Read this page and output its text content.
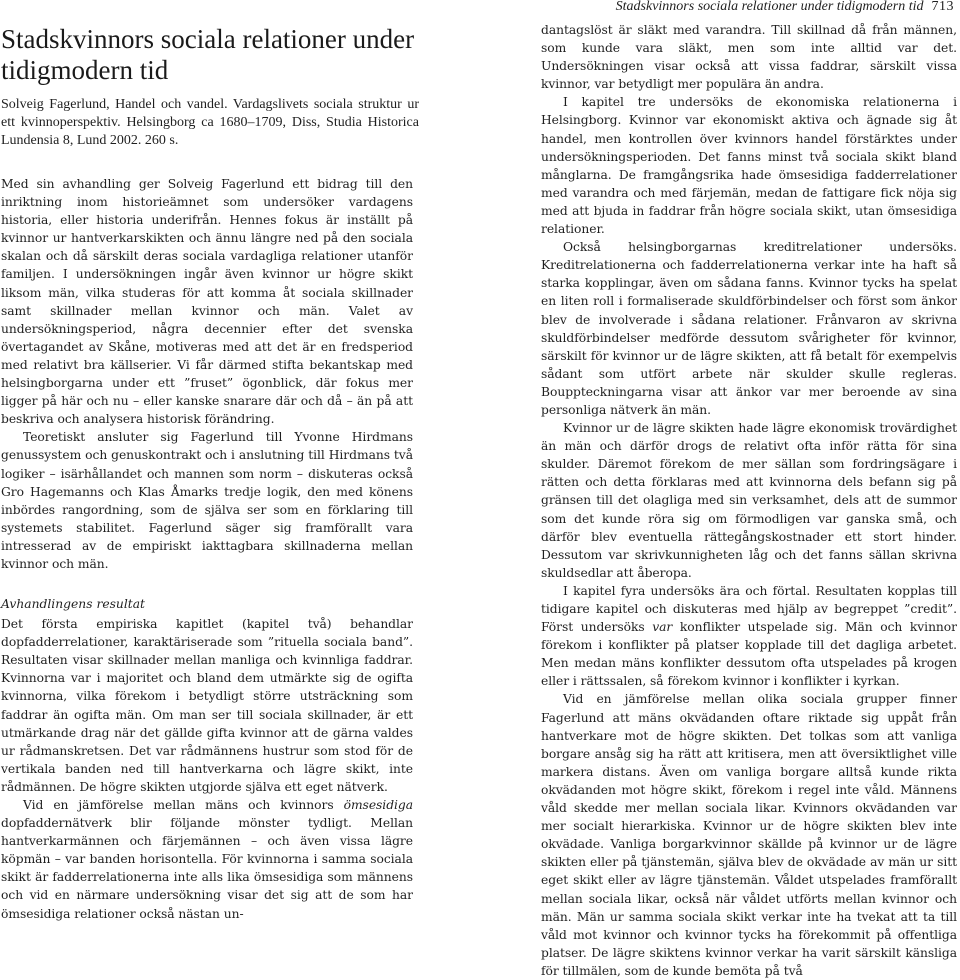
Stadskvinnors sociala relationer under tidigmodern tid 713
Stadskvinnors sociala relationer under tidigmodern tid

Solveig Fagerlund, Handel och vandel. Vardagslivets sociala struktur ur ett kvinnoperspektiv. Helsingborg ca 1680–1709, Diss, Studia Historica Lundensia 8, Lund 2002. 260 s.

Med sin avhandling ger Solveig Fagerlund ett bidrag till den inriktning inom historieämnet som undersöker vardagens historia, eller historia underifrån. Hennes fokus är inställt på kvinnor ur hantverkarskikten och ännu längre ned på den sociala skalan och då särskilt deras sociala vardagliga relationer utanför familjen. I undersökningen ingår även kvinnor ur högre skikt liksom män, vilka studeras för att komma åt sociala skillnader samt skillnader mellan kvinnor och män. Valet av undersökningsperiod, några decennier efter det svenska övertagandet av Skåne, motiveras med att det är en fredsperiod med relativt bra källserier. Vi får därmed stifta bekantskap med helsingborgarna under ett ”fruset” ögonblick, där fokus mer ligger på här och nu – eller kanske snarare där och då – än på att beskriva och analysera historisk förändring.

Teoretiskt ansluter sig Fagerlund till Yvonne Hirdmans genussystem och genuskontrakt och i anslutning till Hirdmans två logiker – isärhållandet och mannen som norm – diskuteras också Gro Hagemanns och Klas Åmarks tredje logik, den med könens inbördes rangordning, som de själva ser som en förklaring till systemets stabilitet. Fagerlund säger sig framförallt vara intresserad av de empiriskt iakttagbara skillnaderna mellan kvinnor och män.

Avhandlingens resultat

Det första empiriska kapitlet (kapitel två) behandlar dopfadderrelationer, karaktäriserade som ”rituella sociala band”. Resultaten visar skillnader mellan manliga och kvinnliga faddrar. Kvinnorna var i majoritet och bland dem utmärkte sig de ogifta kvinnorna, vilka förekom i betydligt större utsträckning som faddrar än ogifta män. Om man ser till sociala skillnader, är ett utmärkande drag när det gällde gifta kvinnor att de gärna valdes ur rådmanskretsen. Det var rådmännens hustrur som stod för de vertikala banden ned till hantverkarna och lägre skikt, inte rådmännen. De högre skikten utgjorde själva ett eget nätverk.

Vid en jämförelse mellan mäns och kvinnors ömsesidiga dopfaddernätverk blir följande mönster tydligt. Mellan hantverkarmännen och färjemännen – och även vissa lägre köpmän – var banden horisontella. För kvinnorna i samma sociala skikt är fadderrelationerna inte alls lika ömsesidiga som männens och vid en närmare undersökning visar det sig att de som har ömsesidiga relationer också nästan un-

dantagslöst är släkt med varandra. Till skillnad då från männen, som kunde vara släkt, men som inte alltid var det. Undersökningen visar också att vissa faddrar, särskilt vissa kvinnor, var betydligt mer populära än andra.

I kapitel tre undersöks de ekonomiska relationerna i Helsingborg. Kvinnor var ekonomiskt aktiva och ägnade sig åt handel, men kontrollen över kvinnors handel förstärktes under undersökningsperioden. Det fanns minst två sociala skikt bland månglarna. De framgångsrika hade ömsesidiga fadderrelationer med varandra och med färjemän, medan de fattigare fick nöja sig med att bjuda in faddrar från högre sociala skikt, utan ömsesidiga relationer.

Också helsingborgarnas kreditrelationer undersöks. Kreditrelationerna och fadderrelationerna verkar inte ha haft så starka kopplingar, även om sådana fanns. Kvinnor tycks ha spelat en liten roll i formaliserade skuldförbindelser och först som änkor blev de involverade i sådana relationer. Frånvaron av skrivna skuldförbindelser medförde dessutom svårigheter för kvinnor, särskilt för kvinnor ur de lägre skikten, att få betalt för exempelvis sådant som utfört arbete när skulder skulle regleras. Bouppteckningarna visar att änkor var mer beroende av sina personliga nätverk än män.

Kvinnor ur de lägre skikten hade lägre ekonomisk trovärdighet än män och därför drogs de relativt ofta inför rätta för sina skulder. Däremot förekom de mer sällan som fordringsägare i rätten och detta förklaras med att kvinnorna dels befann sig på gränsen till det olagliga med sin verksamhet, dels att de summor som det kunde röra sig om förmodligen var ganska små, och därför blev eventuella rättegångskostnader ett stort hinder. Dessutom var skrivkunnigheten låg och det fanns sällan skrivna skuldsedlar att åberopa.

I kapitel fyra undersöks ära och förtal. Resultaten kopplas till tidigare kapitel och diskuteras med hjälp av begreppet ”credit”. Först undersöks var konflikter utspelade sig. Män och kvinnor förekom i konflikter på platser kopplade till det dagliga arbetet. Men medan mäns konflikter dessutom ofta utspelades på krogen eller i rättssalen, så förekom kvinnor i konflikter i kyrkan.

Vid en jämförelse mellan olika sociala grupper finner Fagerlund att mäns okvädanden oftare riktade sig uppåt från hantverkare mot de högre skikten. Det tolkas som att vanliga borgare ansåg sig ha rätt att kritisera, men att översiktlighet ville markera distans. Även om vanliga borgare alltså kunde rikta okvädanden mot högre skikt, förekom i regel inte våld. Männens våld skedde mer mellan sociala likar. Kvinnors okvädanden var mer socialt hierarkiska. Kvinnor ur de högre skikten blev inte okvädade. Vanliga borgarkvinnor skällde på kvinnor ur de lägre skikten eller på tjänstemän, själva blev de okvädade av män ur sitt eget skikt eller av lägre tjänstemän. Våldet utspelades framförallt mellan sociala likar, också när våldet utförts mellan kvinnor och män. Män ur samma sociala skikt verkar inte ha tvekat att ta till våld mot kvinnor och kvinnor tycks ha förekommit på offentliga platser. De lägre skiktens kvinnor verkar ha varit särskilt känsliga för tillmälen, som de kunde bemöta på två
